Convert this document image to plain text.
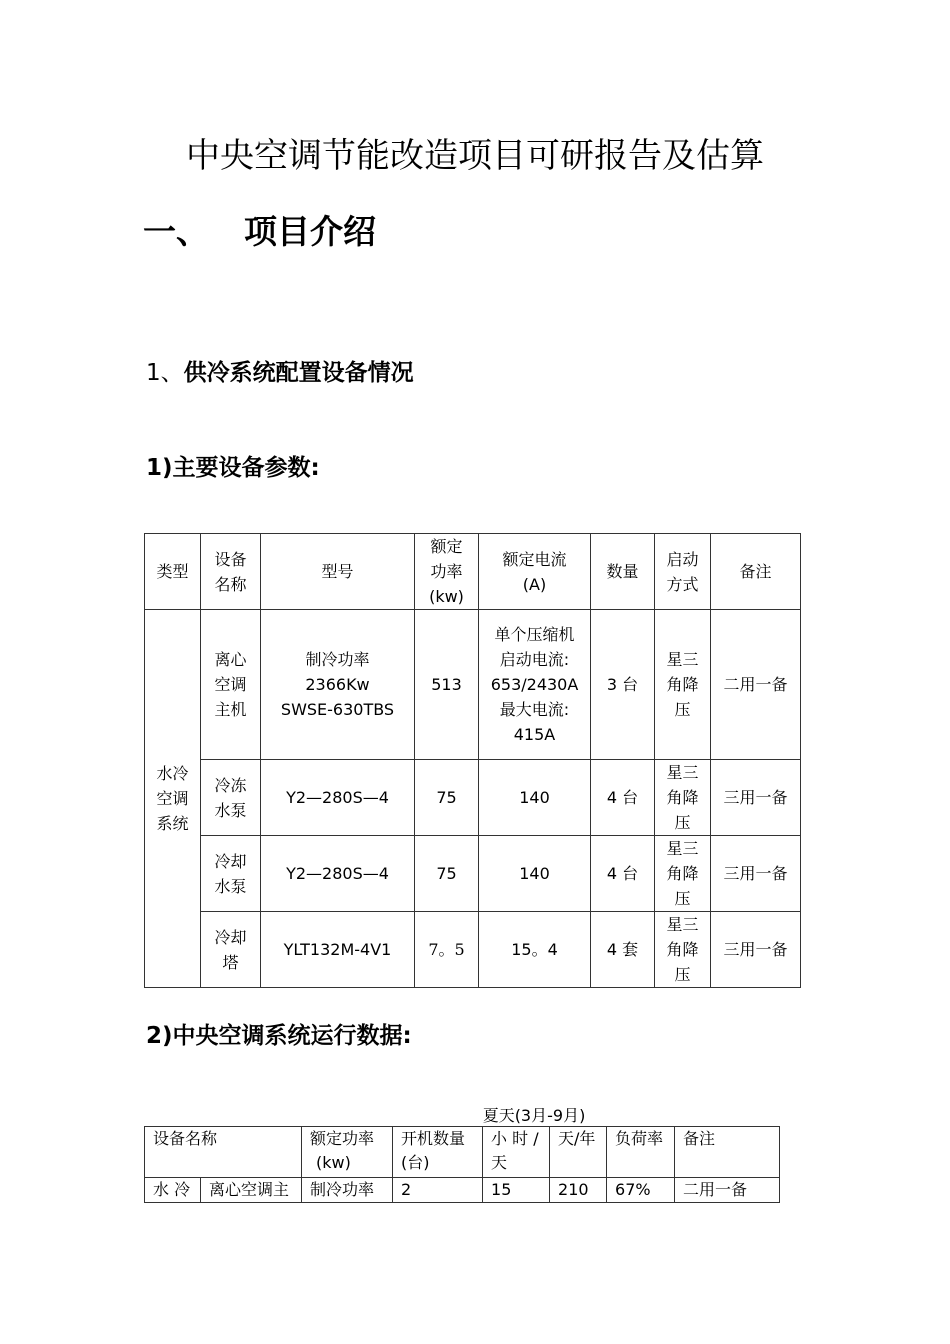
中央空调节能改造项目可研报告及估算
一、 项目介绍
1、供冷系统配置设备情况
1)主要设备参数:
类型	设备
名称	型号	额定
功率
(kw)	额定电流
(A)	数量	启动
方式	备注
水冷
空调
系统	离心
空调
主机	制冷功率
2366Kw
SWSE-630TBS	513	单个压缩机
启动电流:
653/2430A
最大电流:
415A	3 台	星三
角降
压	二用一备
	冷冻
水泵	Y2—280S—4	75	140	4 台	星三
角降
压	三用一备
	冷却
水泵	Y2—280S—4	75	140	4 台	星三
角降
压	三用一备
	冷却
塔	YLT132M-4V1	7。5	15。4	4 套	星三
角降
压	三用一备
2)中央空调系统运行数据:
夏天(3月-9月)
设备名称		额定功率
(kw)	开机数量
(台)	小 时 /
天	天/年	负荷率	备注
水 冷	离心空调主	制冷功率	2	15	210	67%	二用一备
